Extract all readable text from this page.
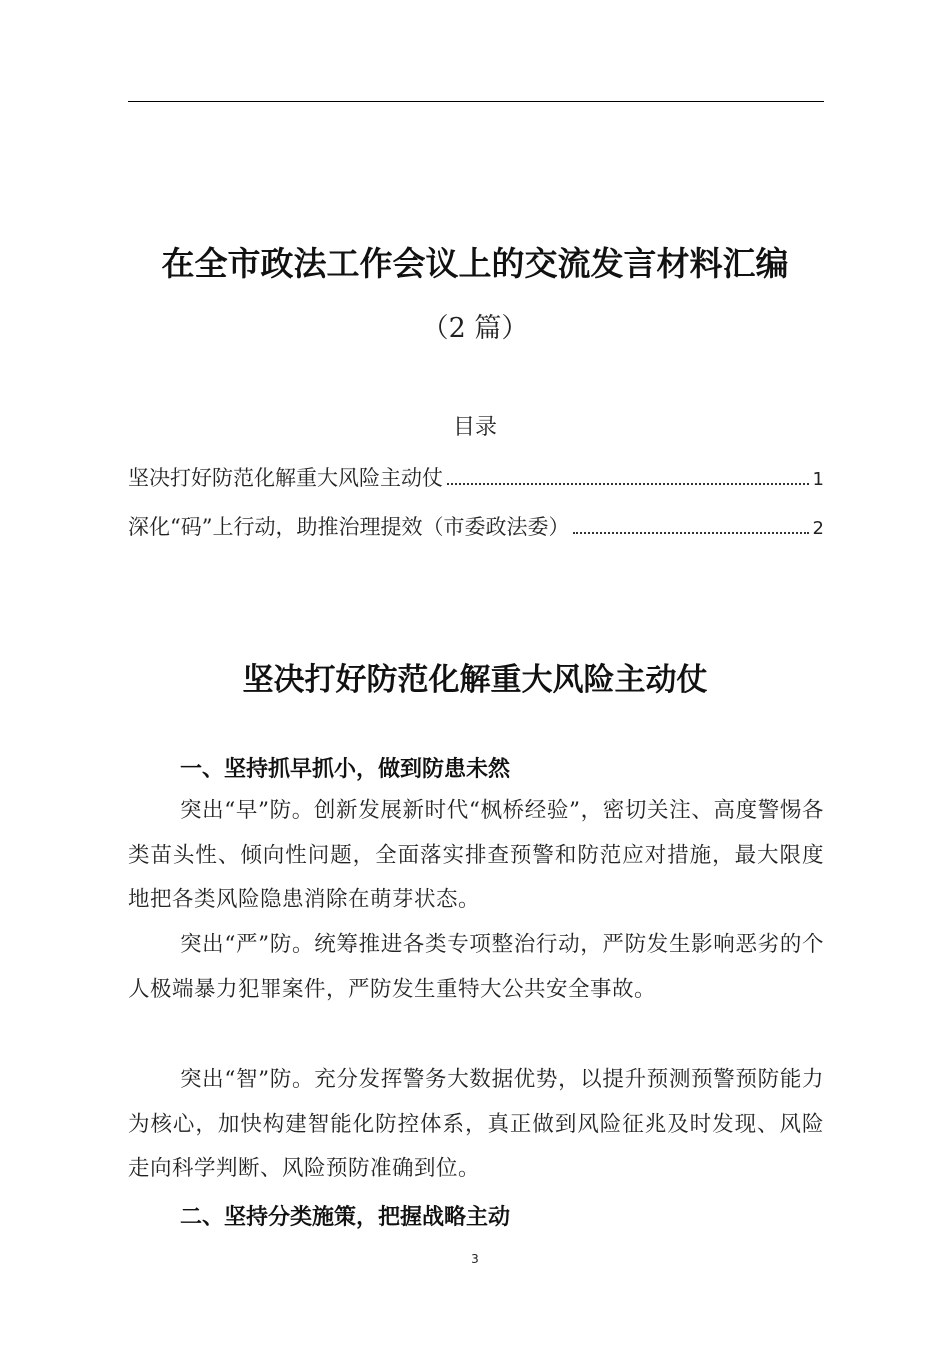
在全市政法工作会议上的交流发言材料汇编
（2 篇）
目录
坚决打好防范化解重大风险主动仗	1
深化“码”上行动，助推治理提效（市委政法委）	2
坚决打好防范化解重大风险主动仗
一、坚持抓早抓小，做到防患未然
突出“早”防。创新发展新时代“枫桥经验”，密切关注、高度警惕各类苗头性、倾向性问题，全面落实排查预警和防范应对措施，最大限度地把各类风险隐患消除在萌芽状态。
突出“严”防。统筹推进各类专项整治行动，严防发生影响恶劣的个人极端暴力犯罪案件，严防发生重特大公共安全事故。
突出“智”防。充分发挥警务大数据优势，以提升预测预警预防能力为核心，加快构建智能化防控体系，真正做到风险征兆及时发现、风险走向科学判断、风险预防准确到位。
二、坚持分类施策，把握战略主动
3
